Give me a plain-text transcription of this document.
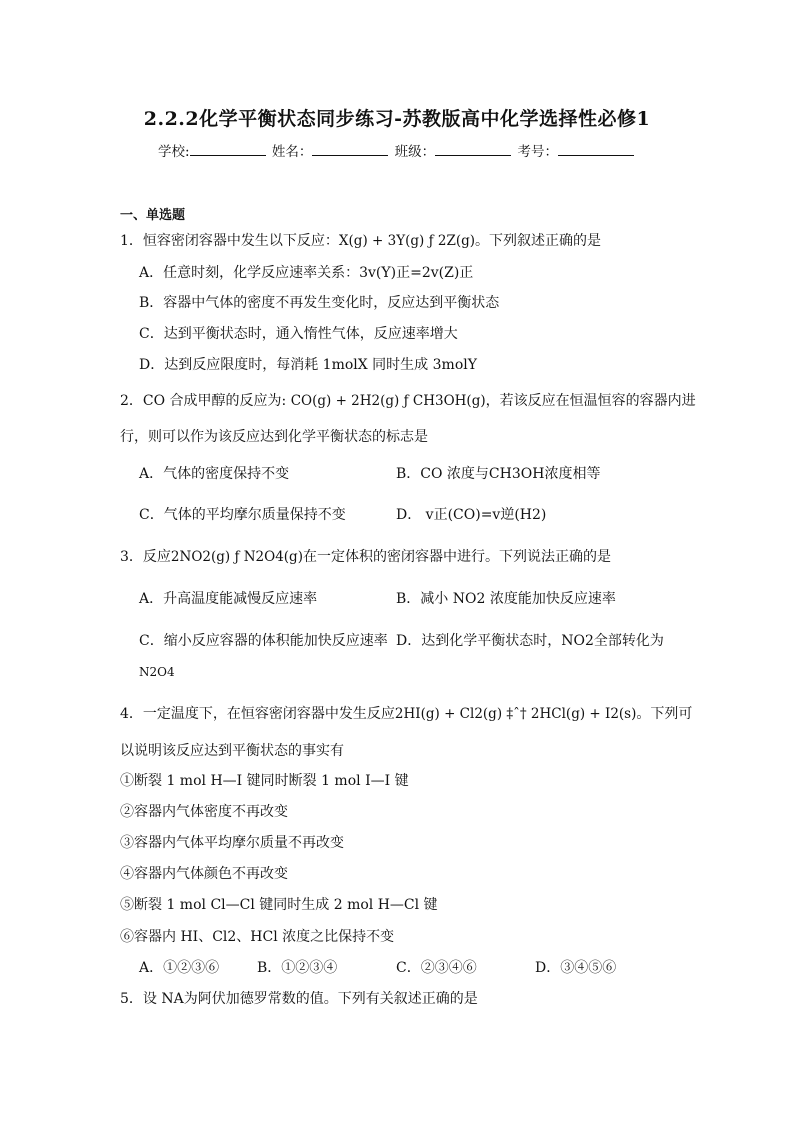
2.2.2化学平衡状态同步练习-苏教版高中化学选择性必修1
学校:	姓名：	班级：	考号：
一、单选题
1．恒容密闭容器中发生以下反应：X(g) + 3Y(g) ƒ 2Z(g)。下列叙述正确的是
A．任意时刻，化学反应速率关系：3v(Y)正=2v(Z)正
B．容器中气体的密度不再发生变化时，反应达到平衡状态
C．达到平衡状态时，通入惰性气体，反应速率增大
D．达到反应限度时，每消耗 1molX 同时生成 3molY
2．CO 合成甲醇的反应为: CO(g) + 2H2(g) ƒ CH3OH(g)，若该反应在恒温恒容的容器内进
行，则可以作为该反应达到化学平衡状态的标志是
A．气体的密度保持不变	B．CO 浓度与CH3OH浓度相等
C．气体的平均摩尔质量保持不变	D． v正(CO)=v逆(H2)
3．反应2NO2(g) ƒ N2O4(g)在一定体积的密闭容器中进行。下列说法正确的是
A．升高温度能减慢反应速率	B．减小 NO2 浓度能加快反应速率
C．缩小反应容器的体积能加快反应速率 D．达到化学平衡状态时，NO2全部转化为
N2O4
4．一定温度下，在恒容密闭容器中发生反应2HI(g) + Cl2(g) ‡ˆ† 2HCl(g) + I2(s)。下列可
以说明该反应达到平衡状态的事实有
①断裂 1 mol H—I 键同时断裂 1 mol I—I 键
②容器内气体密度不再改变
③容器内气体平均摩尔质量不再改变
④容器内气体颜色不再改变
⑤断裂 1 mol Cl—Cl 键同时生成 2 mol H—Cl 键
⑥容器内 HI、Cl2、HCl 浓度之比保持不变
A．①②③⑥	B．①②③④	C．②③④⑥	D．③④⑤⑥
5．设 NA为阿伏加德罗常数的值。下列有关叙述正确的是
